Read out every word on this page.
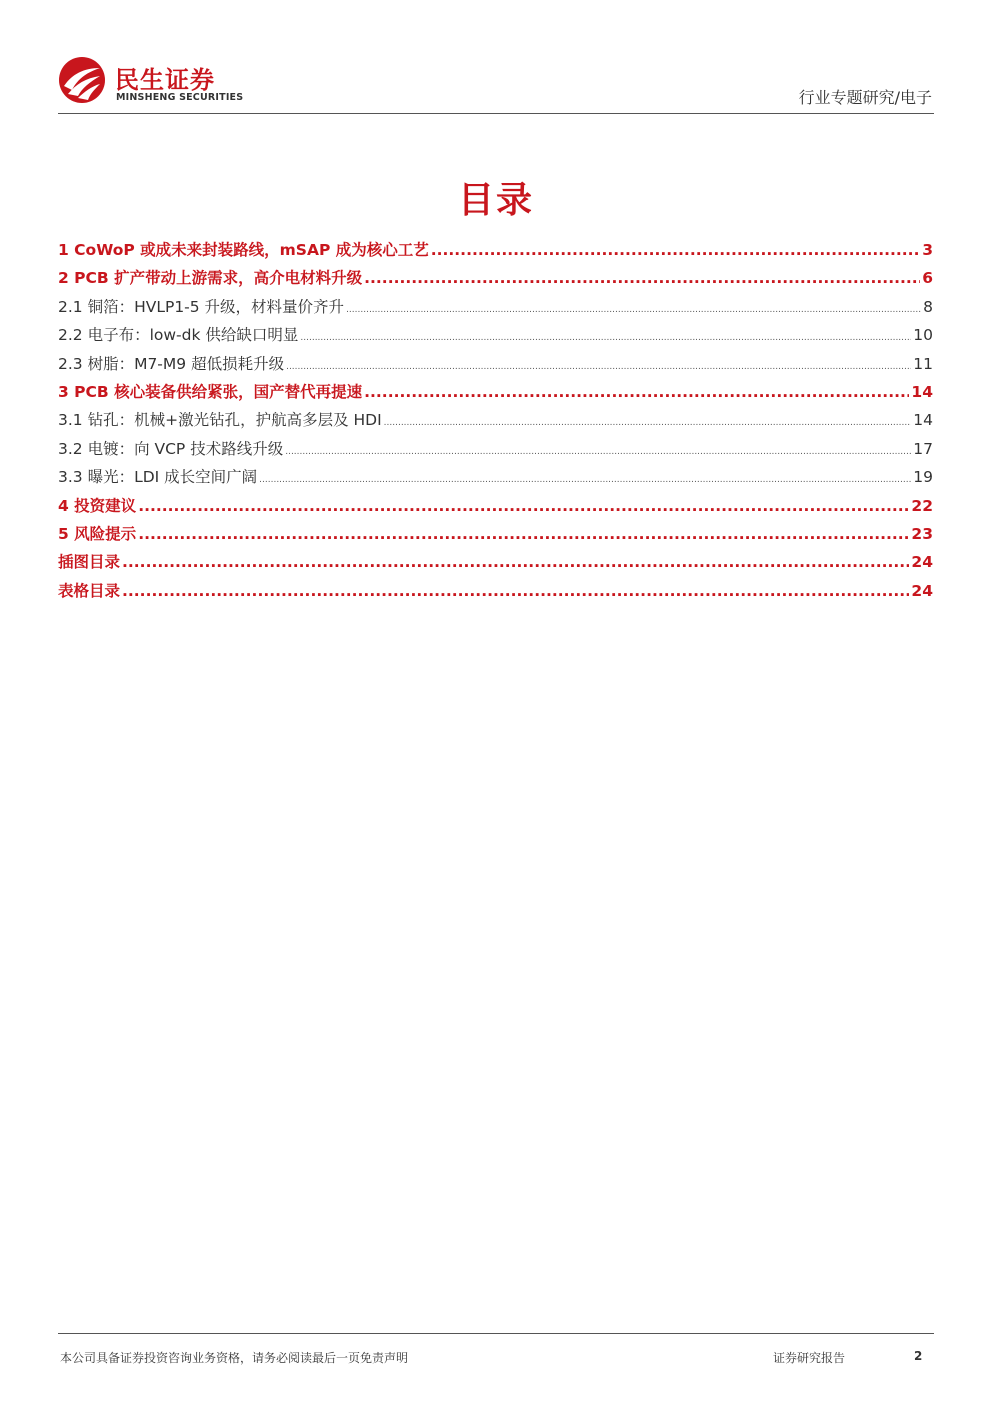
民生证券
MINSHENG SECURITIES	行业专题研究/电子
目录
1 CoWoP 或成未来封装路线，mSAP 成为核心工艺 .....	3
2 PCB 扩产带动上游需求，高介电材料升级 .....	6
2.1 铜箔：HVLP1-5 升级，材料量价齐升 .....	8
2.2 电子布：low-dk 供给缺口明显 .....	10
2.3 树脂：M7-M9 超低损耗升级 .....	11
3 PCB 核心装备供给紧张，国产替代再提速 .....	14
3.1 钻孔：机械+激光钻孔，护航高多层及 HDI .....	14
3.2 电镀：向 VCP 技术路线升级 .....	17
3.3 曝光：LDI 成长空间广阔 .....	19
4 投资建议 .....	22
5 风险提示 .....	23
插图目录 .....	24
表格目录 .....	24
本公司具备证券投资咨询业务资格，请务必阅读最后一页免责声明	证券研究报告	2
